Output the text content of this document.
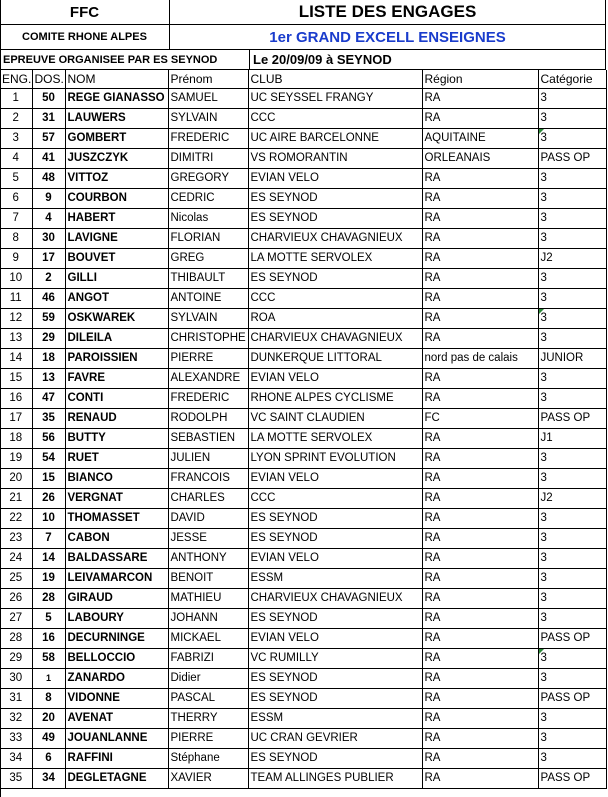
FFC	LISTE DES ENGAGES
COMITE RHONE ALPES	1er GRAND EXCELL ENSEIGNES
EPREUVE ORGANISEE PAR ES SEYNOD	Le 20/09/09 à SEYNOD
ENG.	DOS.	NOM	Prénom	CLUB	Région	Catégorie
1	50	REGE GIANASSO	SAMUEL	UC SEYSSEL FRANGY	RA	3
2	31	LAUWERS	SYLVAIN	CCC	RA	3
3	57	GOMBERT	FREDERIC	UC AIRE BARCELONNE	AQUITAINE	3
4	41	JUSZCZYK	DIMITRI	VS ROMORANTIN	ORLEANAIS	PASS OP
5	48	VITTOZ	GREGORY	EVIAN VELO	RA	3
6	9	COURBON	CEDRIC	ES SEYNOD	RA	3
7	4	HABERT	Nicolas	ES SEYNOD	RA	3
8	30	LAVIGNE	FLORIAN	CHARVIEUX CHAVAGNIEUX	RA	3
9	17	BOUVET	GREG	LA MOTTE SERVOLEX	RA	J2
10	2	GILLI	THIBAULT	ES SEYNOD	RA	3
11	46	ANGOT	ANTOINE	CCC	RA	3
12	59	OSKWAREK	SYLVAIN	ROA	RA	3
13	29	DILEILA	CHRISTOPHE	CHARVIEUX CHAVAGNIEUX	RA	3
14	18	PAROISSIEN	PIERRE	DUNKERQUE LITTORAL	nord pas de calais	JUNIOR
15	13	FAVRE	ALEXANDRE	EVIAN VELO	RA	3
16	47	CONTI	FREDERIC	RHONE ALPES CYCLISME	RA	3
17	35	RENAUD	RODOLPH	VC SAINT CLAUDIEN	FC	PASS OP
18	56	BUTTY	SEBASTIEN	LA MOTTE SERVOLEX	RA	J1
19	54	RUET	JULIEN	LYON SPRINT EVOLUTION	RA	3
20	15	BIANCO	FRANCOIS	EVIAN VELO	RA	3
21	26	VERGNAT	CHARLES	CCC	RA	J2
22	10	THOMASSET	DAVID	ES SEYNOD	RA	3
23	7	CABON	JESSE	ES SEYNOD	RA	3
24	14	BALDASSARE	ANTHONY	EVIAN VELO	RA	3
25	19	LEIVAMARCON	BENOIT	ESSM	RA	3
26	28	GIRAUD	MATHIEU	CHARVIEUX CHAVAGNIEUX	RA	3
27	5	LABOURY	JOHANN	ES SEYNOD	RA	3
28	16	DECURNINGE	MICKAEL	EVIAN VELO	RA	PASS OP
29	58	BELLOCCIO	FABRIZI	VC RUMILLY	RA	3
30	1	ZANARDO	Didier	ES SEYNOD	RA	3
31	8	VIDONNE	PASCAL	ES SEYNOD	RA	PASS OP
32	20	AVENAT	THERRY	ESSM	RA	3
33	49	JOUANLANNE	PIERRE	UC CRAN GEVRIER	RA	3
34	6	RAFFINI	Stéphane	ES SEYNOD	RA	3
35	34	DEGLETAGNE	XAVIER	TEAM ALLINGES PUBLIER	RA	PASS OP
